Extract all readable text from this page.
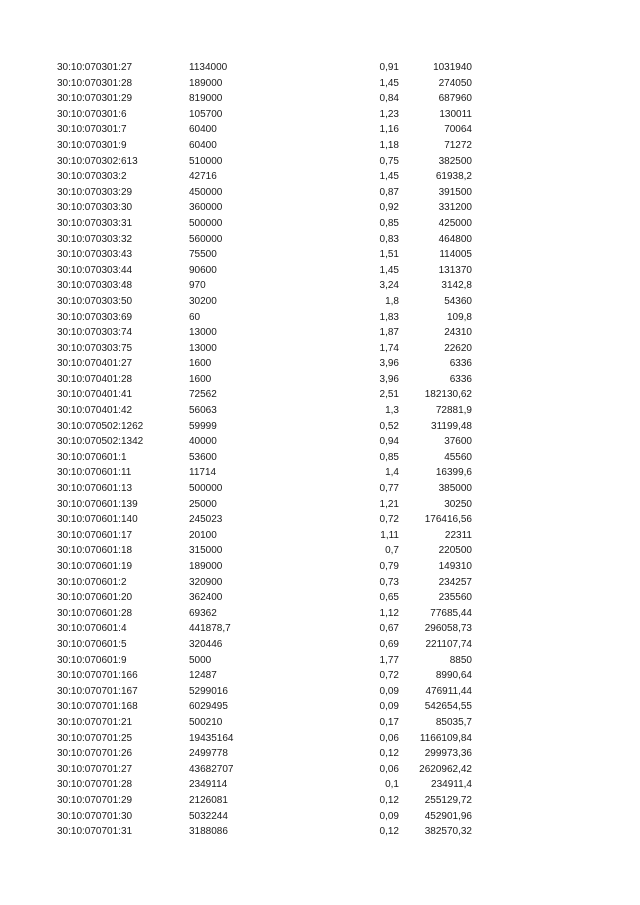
30:10:070301:27	1134000	0,91	1031940
30:10:070301:28	189000	1,45	274050
30:10:070301:29	819000	0,84	687960
30:10:070301:6	105700	1,23	130011
30:10:070301:7	60400	1,16	70064
30:10:070301:9	60400	1,18	71272
30:10:070302:613	510000	0,75	382500
30:10:070303:2	42716	1,45	61938,2
30:10:070303:29	450000	0,87	391500
30:10:070303:30	360000	0,92	331200
30:10:070303:31	500000	0,85	425000
30:10:070303:32	560000	0,83	464800
30:10:070303:43	75500	1,51	114005
30:10:070303:44	90600	1,45	131370
30:10:070303:48	970	3,24	3142,8
30:10:070303:50	30200	1,8	54360
30:10:070303:69	60	1,83	109,8
30:10:070303:74	13000	1,87	24310
30:10:070303:75	13000	1,74	22620
30:10:070401:27	1600	3,96	6336
30:10:070401:28	1600	3,96	6336
30:10:070401:41	72562	2,51	182130,62
30:10:070401:42	56063	1,3	72881,9
30:10:070502:1262	59999	0,52	31199,48
30:10:070502:1342	40000	0,94	37600
30:10:070601:1	53600	0,85	45560
30:10:070601:11	11714	1,4	16399,6
30:10:070601:13	500000	0,77	385000
30:10:070601:139	25000	1,21	30250
30:10:070601:140	245023	0,72	176416,56
30:10:070601:17	20100	1,11	22311
30:10:070601:18	315000	0,7	220500
30:10:070601:19	189000	0,79	149310
30:10:070601:2	320900	0,73	234257
30:10:070601:20	362400	0,65	235560
30:10:070601:28	69362	1,12	77685,44
30:10:070601:4	441878,7	0,67	296058,73
30:10:070601:5	320446	0,69	221107,74
30:10:070601:9	5000	1,77	8850
30:10:070701:166	12487	0,72	8990,64
30:10:070701:167	5299016	0,09	476911,44
30:10:070701:168	6029495	0,09	542654,55
30:10:070701:21	500210	0,17	85035,7
30:10:070701:25	19435164	0,06	1166109,84
30:10:070701:26	2499778	0,12	299973,36
30:10:070701:27	43682707	0,06	2620962,42
30:10:070701:28	2349114	0,1	234911,4
30:10:070701:29	2126081	0,12	255129,72
30:10:070701:30	5032244	0,09	452901,96
30:10:070701:31	3188086	0,12	382570,32
